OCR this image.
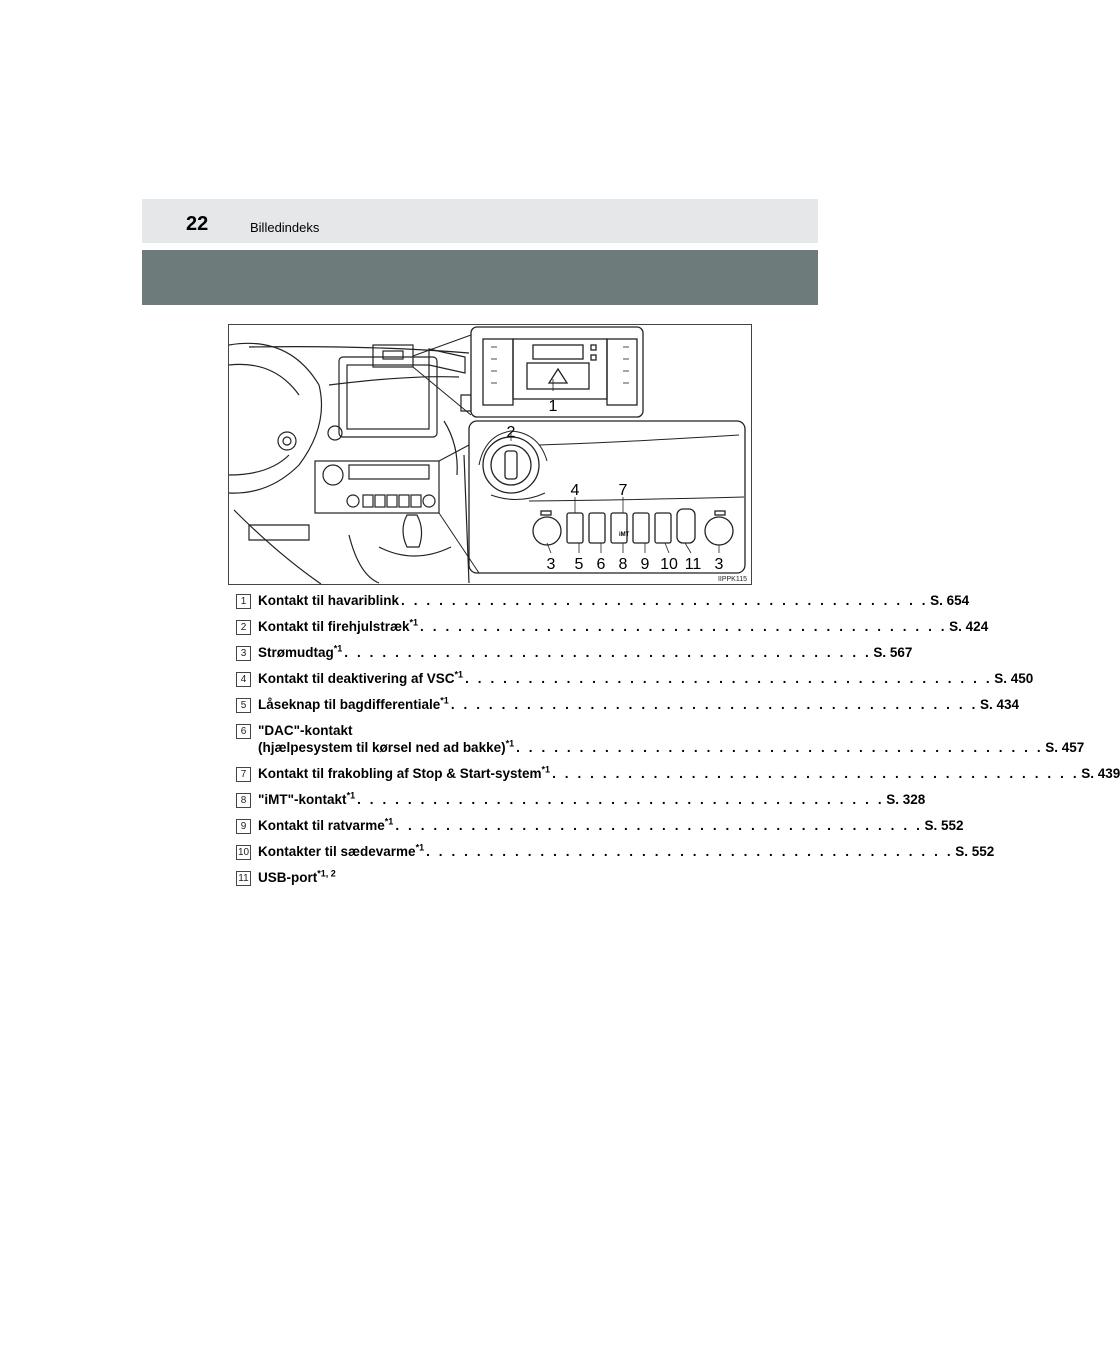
22	Billedindeks
iMT
1
2
3
4
5 6
7
8 9 10 11 3
IIPPK115
1 Kontakt til havariblink . . . . . . . . . . . . . . . . . . . . . . . . . . . . . . . . . . . . . . . . . . S. 654
2 Kontakt til firehjulstræk$^{*1}$ . . . . . . . . . . . . . . . . . . . . . . . . . . . . . . . . . . . . . . . . . . S. 424
3 Strømudtag$^{*1}$ . . . . . . . . . . . . . . . . . . . . . . . . . . . . . . . . . . . . . . . . . . S. 567
4 Kontakt til deaktivering af VSC$^{*1}$ . . . . . . . . . . . . . . . . . . . . . . . . . . . . . . . . . . . . . . . . . . S. 450
5 Låseknap til bagdifferentiale$^{*1}$ . . . . . . . . . . . . . . . . . . . . . . . . . . . . . . . . . . . . . . . . . . S. 434
6 "DAC"-kontakt
(hjælpesystem til kørsel ned ad bakke)$^{*1}$ . . . . . . . . . . . . . . . . . . . . . . . . . . . . . . . . . . . . . . . . . . S. 457
7 Kontakt til frakobling af Stop & Start-system$^{*1}$ . . . . . . . . . . . . . . . . . . . . . . . . . . . . . . . . . . . . . . . . . . S. 439
8 "iMT"-kontakt$^{*1}$ . . . . . . . . . . . . . . . . . . . . . . . . . . . . . . . . . . . . . . . . . . S. 328
9 Kontakt til ratvarme$^{*1}$ . . . . . . . . . . . . . . . . . . . . . . . . . . . . . . . . . . . . . . . . . . S. 552
10 Kontakter til sædevarme$^{*1}$ . . . . . . . . . . . . . . . . . . . . . . . . . . . . . . . . . . . . . . . . . . S. 552
11 USB-port$^{*1, 2}$
